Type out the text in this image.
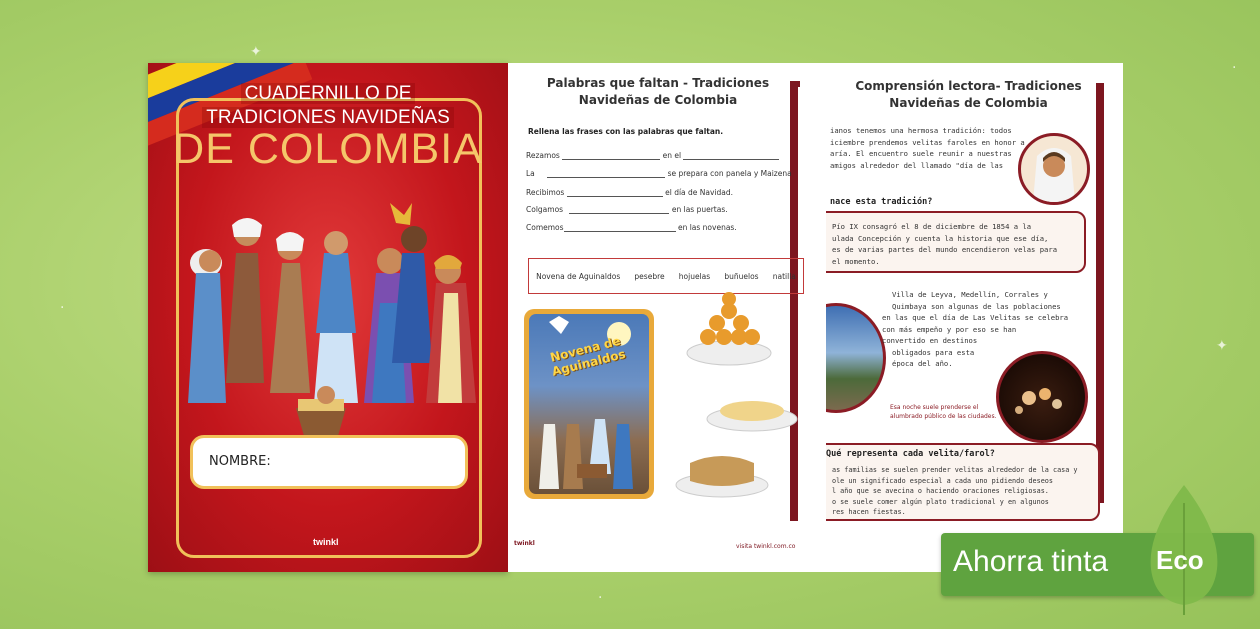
✦
✦
·
·
·
CUADERNILLO DE
TRADICIONES NAVIDEÑAS
DE COLOMBIA
NOMBRE:
twinkl
Palabras que faltan - Tradiciones
Navideñas de Colombia
Rellena las frases con las palabras que faltan.
Rezamos	en el
La	se prepara con panela y Maizena
Recibimos	el día de Navidad.
Colgamos	en las puertas.
Comemos	en las novenas.
Novena de Aguinaldos pesebre hojuelas buñuelos natilla
Novena de Aguinaldos
twinkl	visita twinkl.com.co
Comprensión lectora- Tradiciones
Navideñas de Colombia
ianos tenemos una hermosa tradición: todos
iciembre prendemos velitas faroles en honor a
aría. El encuentro suele reunir a nuestras
amigos alrededor del llamado "día de las
nace esta tradición?
Pío IX consagró el 8 de diciembre de 1854 a la
ulada Concepción y cuenta la historia que ese día,
es de varias partes del mundo encendieron velas para
el momento.
Villa de Leyva, Medellín, Corrales y
Quimbaya son algunas de las poblaciones
en las que el día de Las Velitas se celebra
con más empeño y por eso se han
convertido en destinos
obligados para esta
época del año.
Esa noche suele prenderse el
alumbrado público de las ciudades.
Qué representa cada velita/farol?
as familias se suelen prender velitas alrededor de la casa y
ole un significado especial a cada uno pidiendo deseos
l año que se avecina o haciendo oraciones religiosas.
o se suele comer algún plato tradicional y en algunos
res hacen fiestas.
Ahorra tinta Eco
